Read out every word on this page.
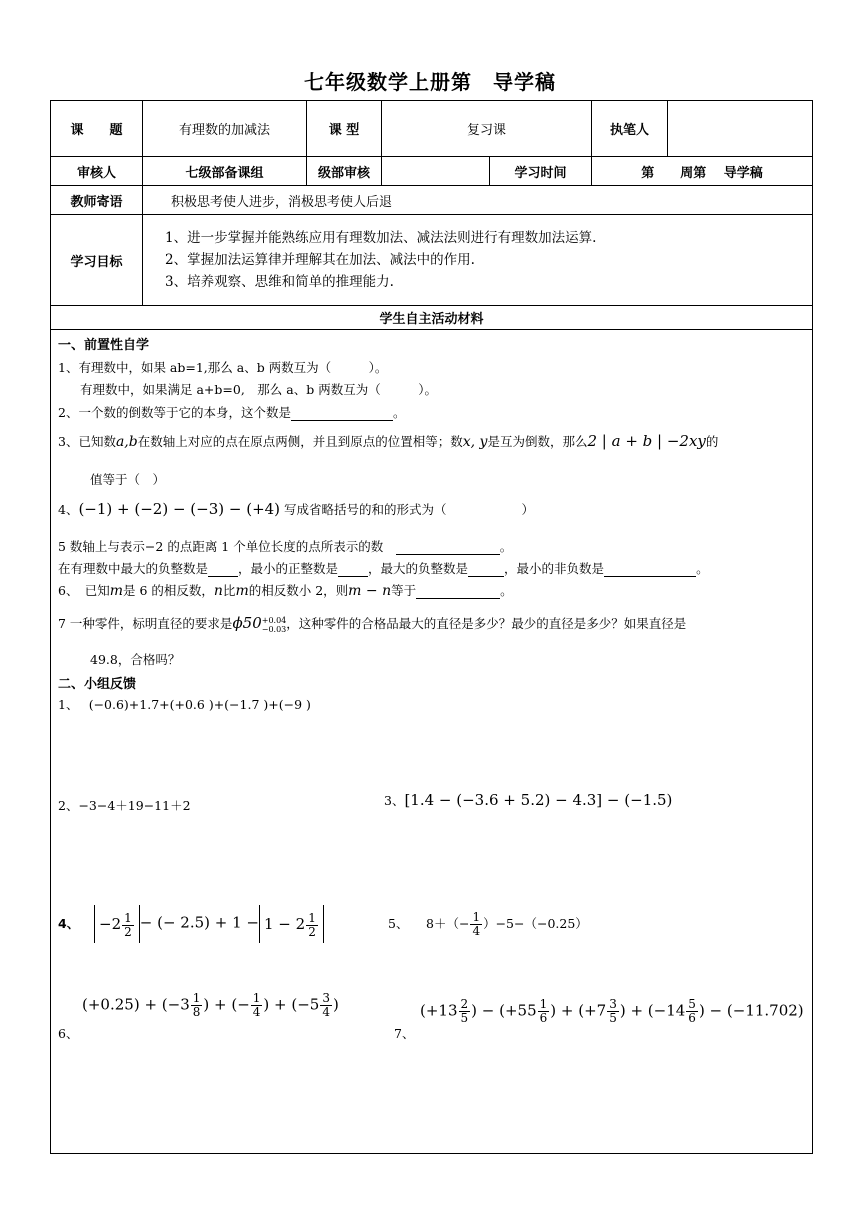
七年级数学上册第　导学稿
课　　题	有理数的加减法	课 型	复习课		执笔人	
审核人	七级部备课组	级部审核		学习时间	第　　周第　 导学稿	
教师寄语	积极思考使人进步，消极思考使人后退					
学习目标	1、进一步掌握并能熟练应用有理数加法、减法法则进行有理数加法运算.
2、掌握加法运算律并理解其在加法、减法中的作用.
3、培养观察、思维和简单的推理能力.					

学生自主活动材料						
一、前置性自学
1、有理数中，如果 ab=1,那么 a、b 两数互为（　　　）。
有理数中，如果满足 a+b=0,　那么 a、b 两数互为（　　　）。
2、一个数的倒数等于它的本身，这个数是	。
3、已知数a,b在数轴上对应的点在原点两侧，并且到原点的位置相等；数x, y是互为倒数，那么2 | a + b | −2xy的
值等于（　）
4、(−1) + (−2) − (−3) − (+4) 写成省略括号的和的形式为（　　　　　　）
5 数轴上与表示−2 的点距离 1 个单位长度的点所表示的数　	。
在有理数中最大的负整数是 ，最小的正整数是 ，最大的负整数是	，最小的非负数是	。
6、　已知m是 6 的相反数，n比m的相反数小 2，则m − n等于	。
7 一种零件，标明直径的要求是ϕ50 +0.04
−0.03 ，这种零件的合格品最大的直径是多少？最少的直径是多少？如果直径是
49.8，合格吗？
二、小组反馈
1、　 (−0.6)+1.7+(+0.6 )+(−1.7 )+(−9 )
2、−3−4＋19−11＋2	3、[1.4 − (−3.6 + 5.2) − 4.3] − (−1.5)
4、 $-2 \frac{1}{2}$ − (− $2.5) + 1 - 1 - 2 \frac{1}{2}$	5、 $8+(- \frac{1}{4} )-5-(-0.25)$
6、
$(+0.25) + (-3 \frac{1}{8}$ ) + (− $\frac{1}{4}$ ) + ($-5 \frac{3}{4}$ )
7、
($+13 \frac{2}{5}$ ) − ($+55 \frac{1}{6}$ ) + ($+7 \frac{3}{5}$ ) + ($-14 \frac{5}{6}$ ) − (−11.702)
